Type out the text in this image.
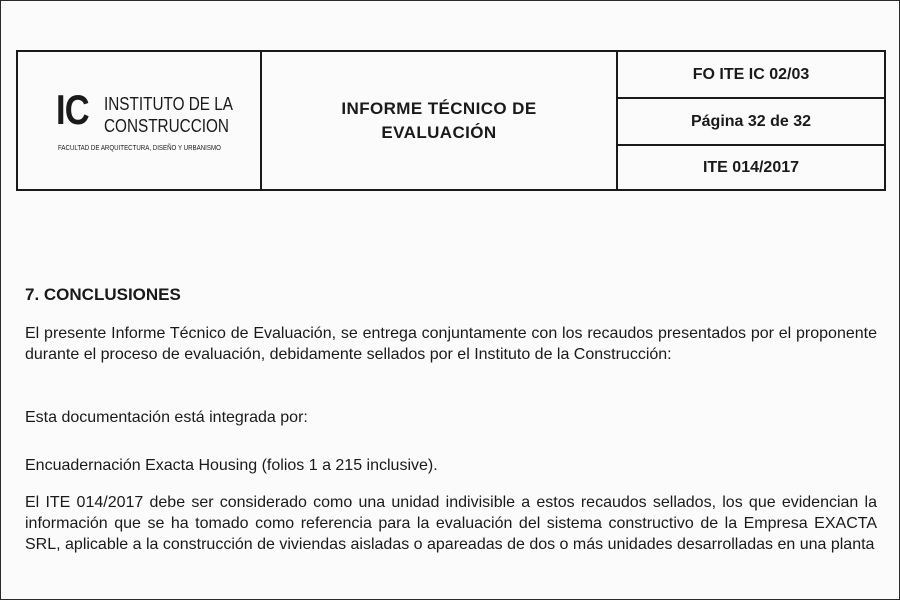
IC INSTITUTO DE LA
CONSTRUCCION
FACULTAD DE ARQUITECTURA, DISEÑO Y URBANISMO
INFORME TÉCNICO DE EVALUACIÓN
FO ITE IC 02/03
Página 32 de 32
ITE 014/2017
7. CONCLUSIONES
El presente Informe Técnico de Evaluación, se entrega conjuntamente con los recaudos presentados por el proponente durante el proceso de evaluación, debidamente sellados por el Instituto de la Construcción:
Esta documentación está integrada por:
Encuadernación Exacta Housing (folios 1 a 215 inclusive).
El ITE 014/2017 debe ser considerado como una unidad indivisible a estos recaudos sellados, los que evidencian la información que se ha tomado como referencia para la evaluación del sistema constructivo de la Empresa EXACTA SRL, aplicable a la construcción de viviendas aisladas o apareadas de dos o más unidades desarrolladas en una planta
